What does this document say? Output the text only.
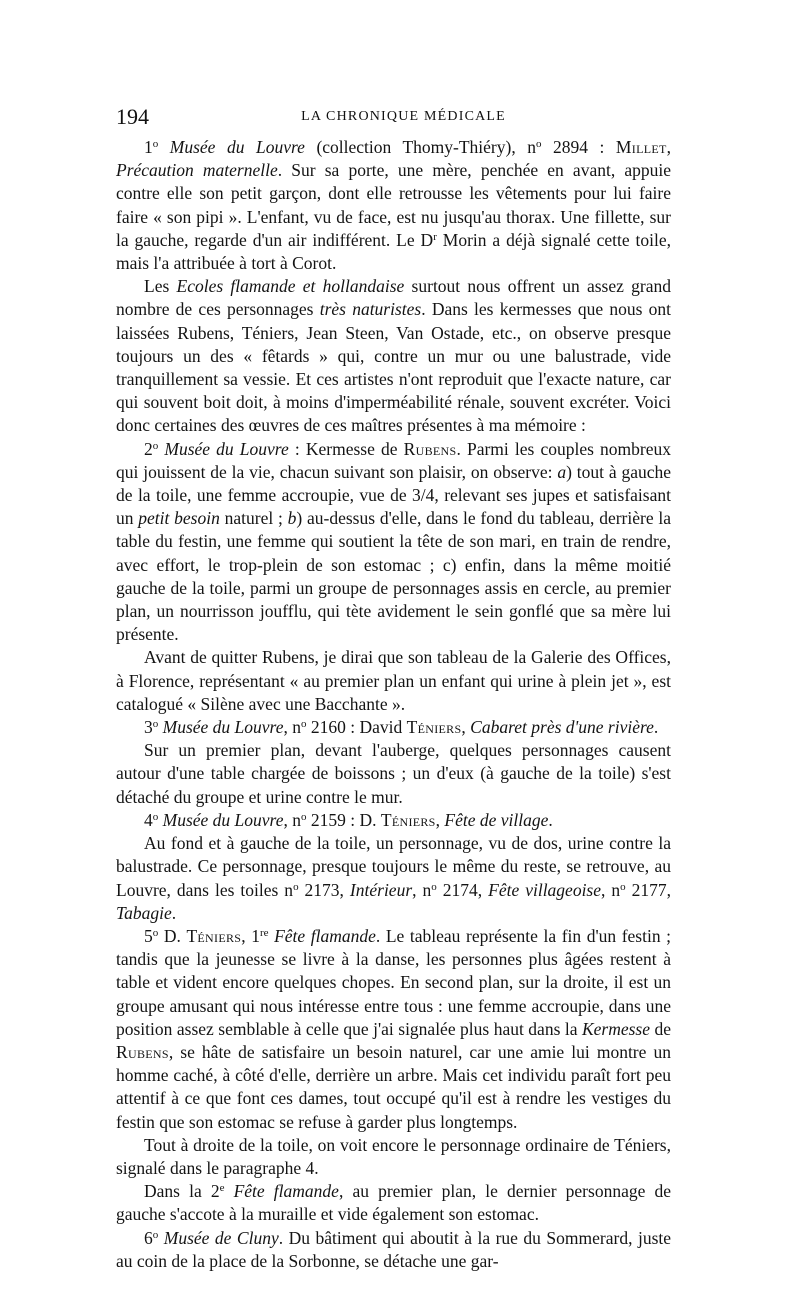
194	LA CHRONIQUE MÉDICALE

1$^o$ Musée du Louvre (collection Thomy-Thiéry), $n^o$ 2894 : Millet, Précaution maternelle. Sur sa porte, une mère, penchée en avant, appuie contre elle son petit garçon, dont elle retrousse les vêtements pour lui faire faire « son pipi ». L'enfant, vu de face, est nu jusqu'au thorax. Une fillette, sur la gauche, regarde d'un air indifférent. Le $D^r$ Morin a déjà signalé cette toile, mais l'a attribuée à tort à Corot.

Les Ecoles flamande et hollandaise surtout nous offrent un assez grand nombre de ces personnages très naturistes. Dans les kermesses que nous ont laissées Rubens, Téniers, Jean Steen, Van Ostade, etc., on observe presque toujours un des « fêtards » qui, contre un mur ou une balustrade, vide tranquillement sa vessie. Et ces artistes n'ont reproduit que l'exacte nature, car qui souvent boit doit, à moins d'imperméabilité rénale, souvent excréter. Voici donc certaines des œuvres de ces maîtres présentes à ma mémoire :

2$^o$ Musée du Louvre : Kermesse de Rubens. Parmi les couples nombreux qui jouissent de la vie, chacun suivant son plaisir, on observe: a) tout à gauche de la toile, une femme accroupie, vue de 3/4, relevant ses jupes et satisfaisant un petit besoin naturel ; b) au-dessus d'elle, dans le fond du tableau, derrière la table du festin, une femme qui soutient la tête de son mari, en train de rendre, avec effort, le trop-plein de son estomac ; c) enfin, dans la même moitié gauche de la toile, parmi un groupe de personnages assis en cercle, au premier plan, un nourrisson joufflu, qui tète avidement le sein gonflé que sa mère lui présente.

Avant de quitter Rubens, je dirai que son tableau de la Galerie des Offices, à Florence, représentant « au premier plan un enfant qui urine à plein jet », est catalogué « Silène avec une Bacchante ».

3$^o$ Musée du Louvre, $n^o$ 2160 : David Téniers, Cabaret près d'une rivière.

Sur un premier plan, devant l'auberge, quelques personnages causent autour d'une table chargée de boissons ; un d'eux (à gauche de la toile) s'est détaché du groupe et urine contre le mur.

4$^o$ Musée du Louvre, $n^o$ 2159 : D. Téniers, Fête de village.

Au fond et à gauche de la toile, un personnage, vu de dos, urine contre la balustrade. Ce personnage, presque toujours le même du reste, se retrouve, au Louvre, dans les toiles $n^o$ 2173, Intérieur, $n^o$ 2174, Fête villageoise, $n^o$ 2177, Tabagie.

5$^o$ D. Téniers, 1re Fête flamande. Le tableau représente la fin d'un festin ; tandis que la jeunesse se livre à la danse, les personnes plus âgées restent à table et vident encore quelques chopes. En second plan, sur la droite, il est un groupe amusant qui nous intéresse entre tous : une femme accroupie, dans une position assez semblable à celle que j'ai signalée plus haut dans la Kermesse de Rubens, se hâte de satisfaire un besoin naturel, car une amie lui montre un homme caché, à côté d'elle, derrière un arbre. Mais cet individu paraît fort peu attentif à ce que font ces dames, tout occupé qu'il est à rendre les vestiges du festin que son estomac se refuse à garder plus longtemps.

Tout à droite de la toile, on voit encore le personnage ordinaire de Téniers, signalé dans le paragraphe 4.

Dans la 2e Fête flamande, au premier plan, le dernier personnage de gauche s'accote à la muraille et vide également son estomac.

6$^o$ Musée de Cluny. Du bâtiment qui aboutit à la rue du Sommerard, juste au coin de la place de la Sorbonne, se détache une gar-
